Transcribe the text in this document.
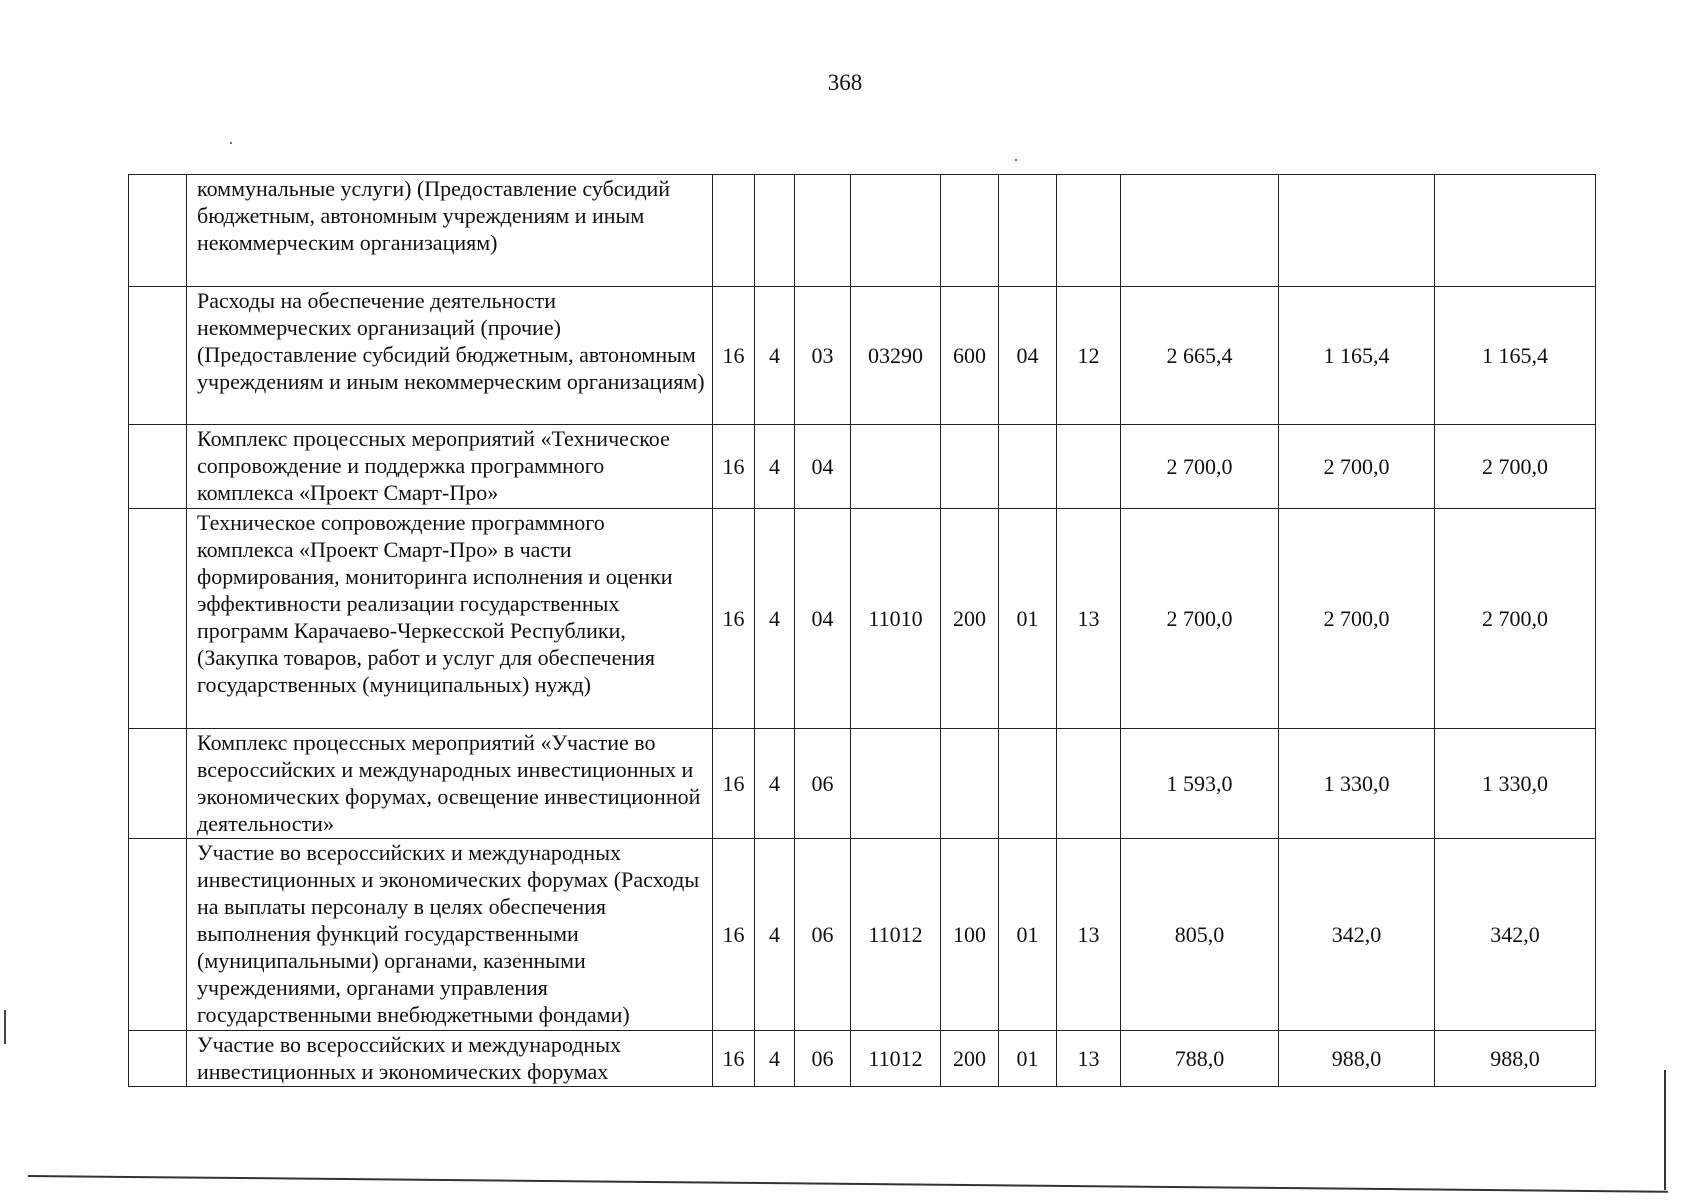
368
	коммунальные услуги) (Предоставление субсидий бюджетным, автономным учреждениям и иным некоммерческим организациям)										
	Расходы на обеспечение деятельности некоммерческих организаций (прочие) (Предоставление субсидий бюджетным, автономным учреждениям и иным некоммерческим организациям)	16	4	03	03290	600	04	12	2 665,4	1 165,4	1 165,4
	Комплекс процессных мероприятий «Техническое сопровождение и поддержка программного комплекса «Проект Смарт-Про»	16	4	04					2 700,0	2 700,0	2 700,0
	Техническое сопровождение программного комплекса «Проект Смарт-Про» в части формирования, мониторинга исполнения и оценки эффективности реализации государственных программ Карачаево-Черкесской Республики, (Закупка товаров, работ и услуг для обеспечения государственных (муниципальных) нужд)	16	4	04	11010	200	01	13	2 700,0	2 700,0	2 700,0
	Комплекс процессных мероприятий «Участие во всероссийских и международных инвестиционных и экономических форумах, освещение инвестиционной деятельности»	16	4	06					1 593,0	1 330,0	1 330,0
	Участие во всероссийских и международных инвестиционных и экономических форумах (Расходы на выплаты персоналу в целях обеспечения выполнения функций государственными (муниципальными) органами, казенными учреждениями, органами управления государственными внебюджетными фондами)	16	4	06	11012	100	01	13	805,0	342,0	342,0
	Участие во всероссийских и международных инвестиционных и экономических форумах	16	4	06	11012	200	01	13	788,0	988,0	988,0
